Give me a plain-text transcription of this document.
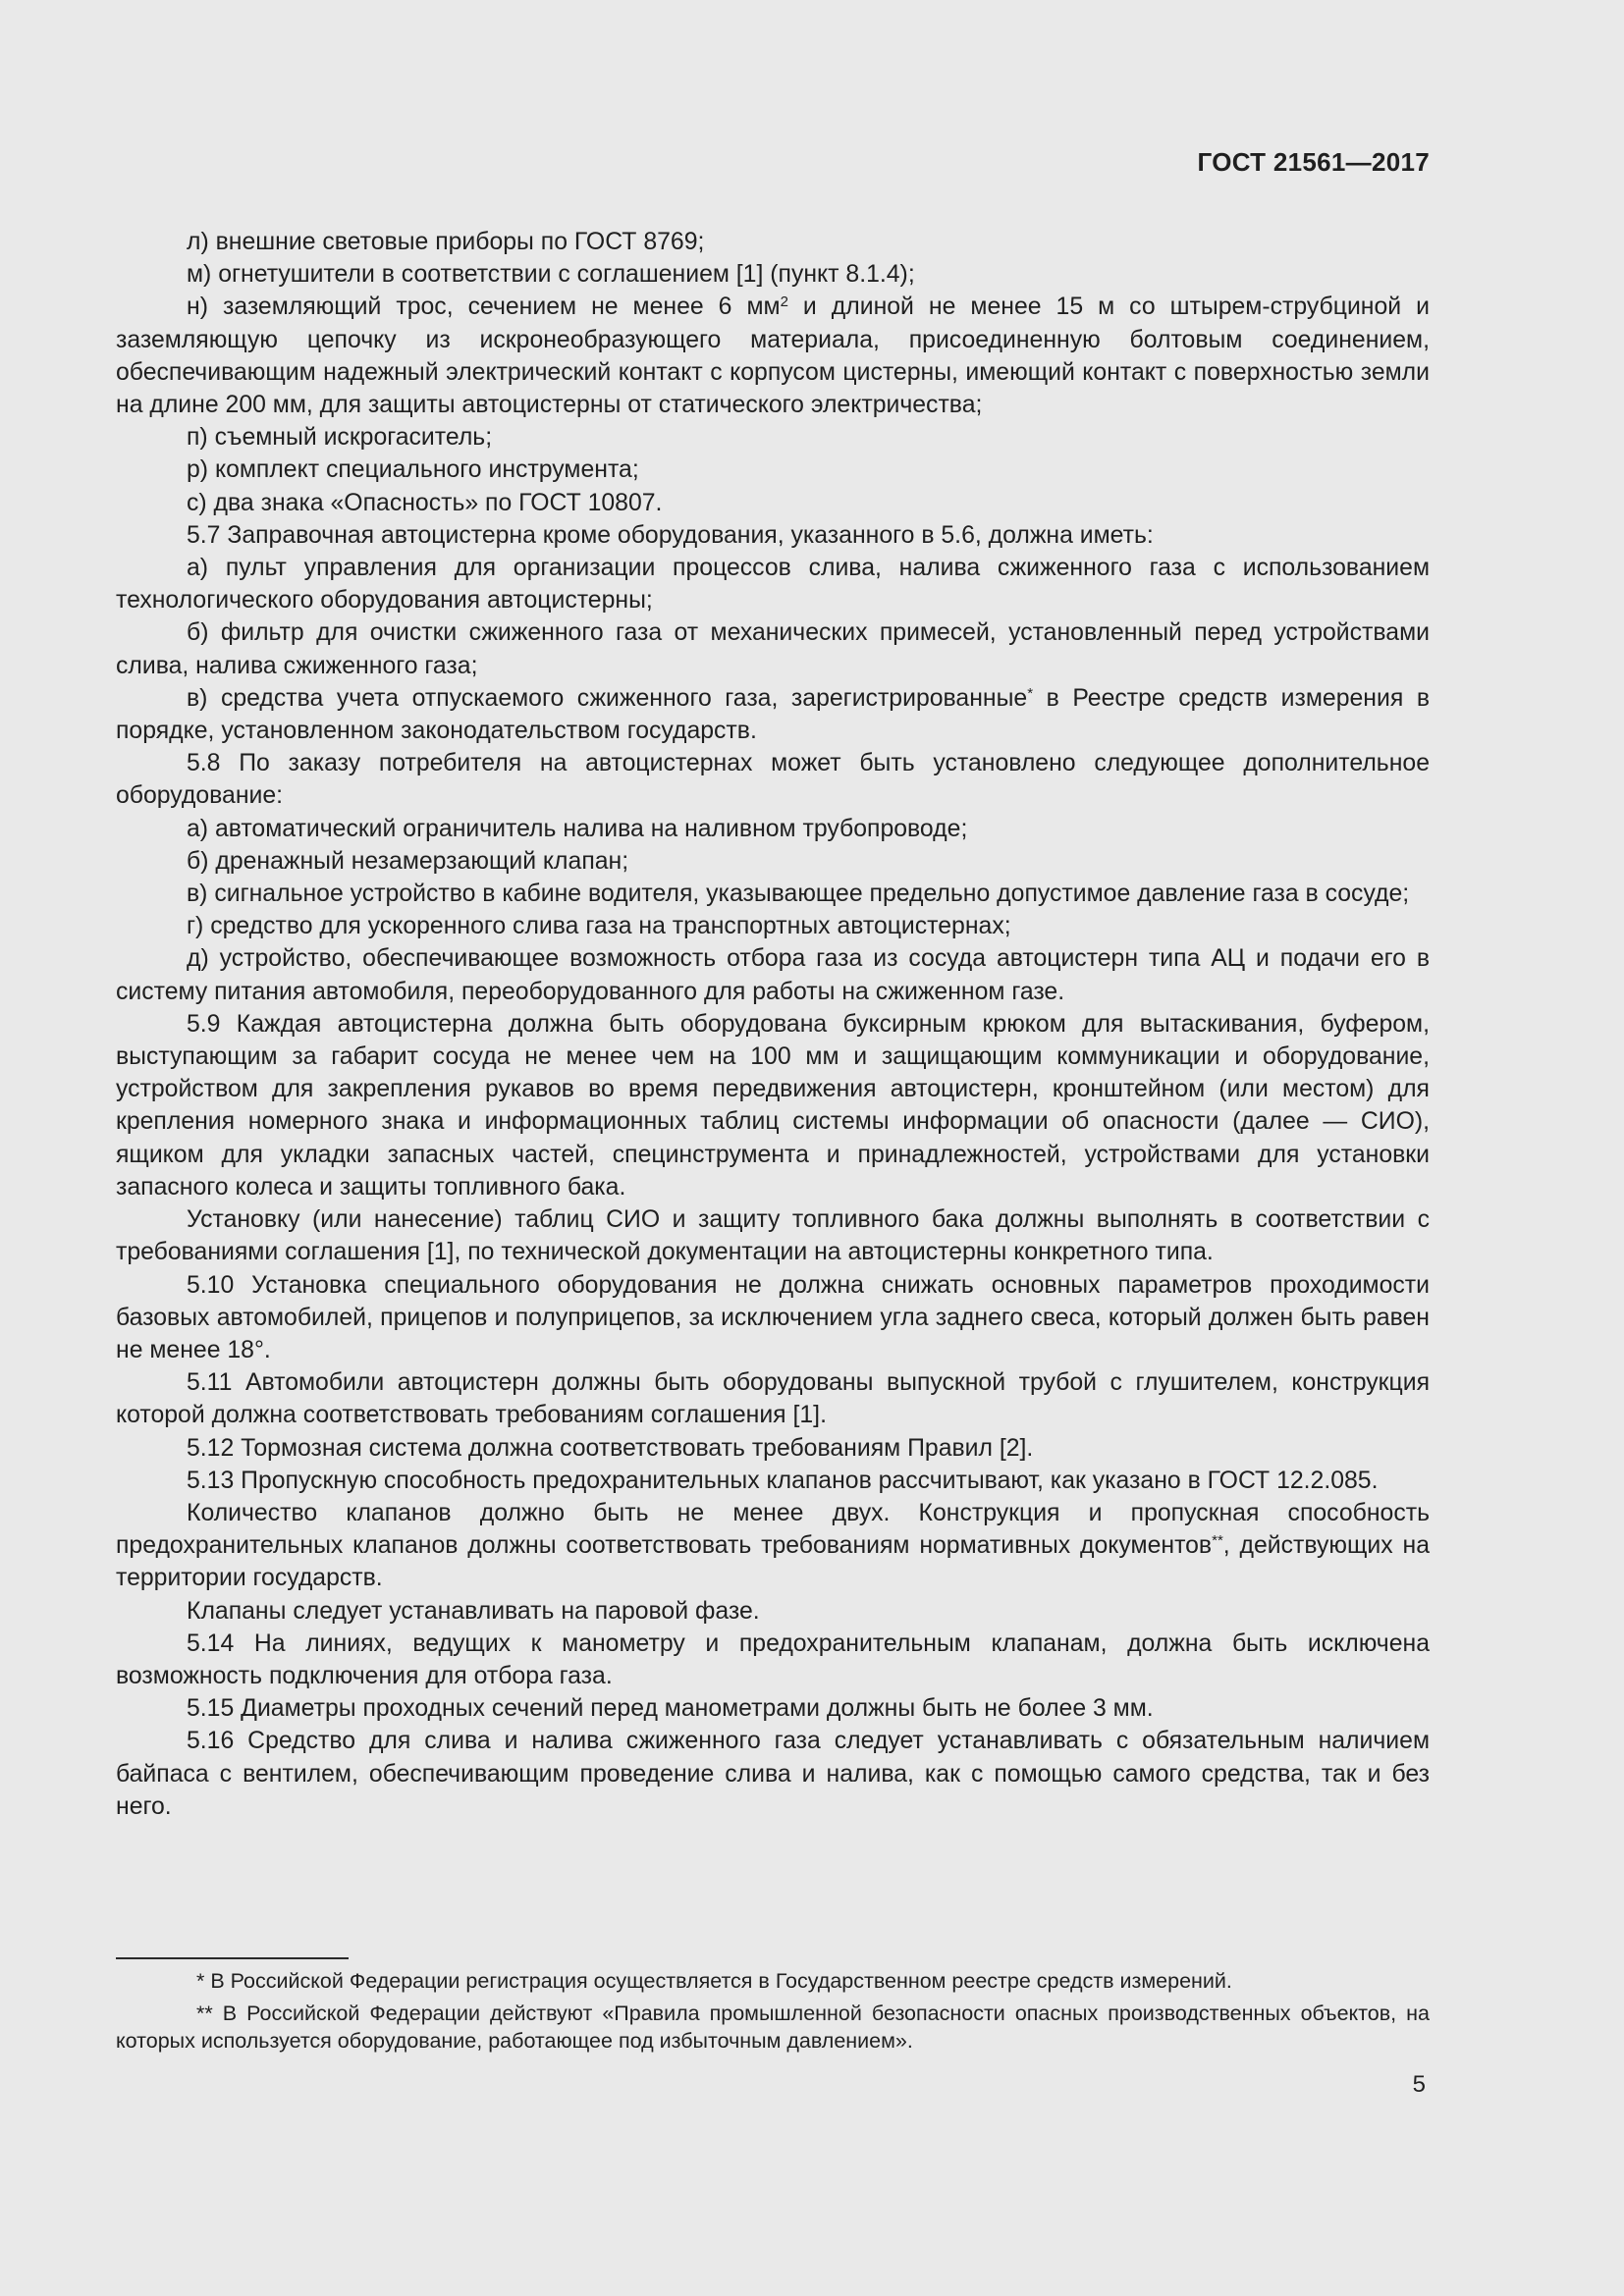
ГОСТ 21561—2017

л) внешние световые приборы по ГОСТ 8769;

м) огнетушители в соответствии с соглашением [1] (пункт 8.1.4);

н) заземляющий трос, сечением не менее 6 $мм^2$ и длиной не менее 15 м со штырем-струбциной и заземляющую цепочку из искронеобразующего материала, присоединенную болтовым соединением, обеспечивающим надежный электрический контакт с корпусом цистерны, имеющий контакт с поверхностью земли на длине 200 мм, для защиты автоцистерны от статического электричества;

п) съемный искрогаситель;

р) комплект специального инструмента;

с) два знака «Опасность» по ГОСТ 10807.

5.7 Заправочная автоцистерна кроме оборудования, указанного в 5.6, должна иметь:

а) пульт управления для организации процессов слива, налива сжиженного газа с использованием технологического оборудования автоцистерны;

б) фильтр для очистки сжиженного газа от механических примесей, установленный перед устройствами слива, налива сжиженного газа;

в) средства учета отпускаемого сжиженного газа, зарегистрированные* в Реестре средств измерения в порядке, установленном законодательством государств.

5.8 По заказу потребителя на автоцистернах может быть установлено следующее дополнительное оборудование:

а) автоматический ограничитель налива на наливном трубопроводе;

б) дренажный незамерзающий клапан;

в) сигнальное устройство в кабине водителя, указывающее предельно допустимое давление газа в сосуде;

г) средство для ускоренного слива газа на транспортных автоцистернах;

д) устройство, обеспечивающее возможность отбора газа из сосуда автоцистерн типа АЦ и подачи его в систему питания автомобиля, переоборудованного для работы на сжиженном газе.

5.9 Каждая автоцистерна должна быть оборудована буксирным крюком для вытаскивания, буфером, выступающим за габарит сосуда не менее чем на 100 мм и защищающим коммуникации и оборудование, устройством для закрепления рукавов во время передвижения автоцистерн, кронштейном (или местом) для крепления номерного знака и информационных таблиц системы информации об опасности (далее — СИО), ящиком для укладки запасных частей, специнструмента и принадлежностей, устройствами для установки запасного колеса и защиты топливного бака.

Установку (или нанесение) таблиц СИО и защиту топливного бака должны выполнять в соответствии с требованиями соглашения [1], по технической документации на автоцистерны конкретного типа.

5.10 Установка специального оборудования не должна снижать основных параметров проходимости базовых автомобилей, прицепов и полуприцепов, за исключением угла заднего свеса, который должен быть равен не менее 18°.

5.11 Автомобили автоцистерн должны быть оборудованы выпускной трубой с глушителем, конструкция которой должна соответствовать требованиям соглашения [1].

5.12 Тормозная система должна соответствовать требованиям Правил [2].

5.13 Пропускную способность предохранительных клапанов рассчитывают, как указано в ГОСТ 12.2.085.

Количество клапанов должно быть не менее двух. Конструкция и пропускная способность предохранительных клапанов должны соответствовать требованиям нормативных документов**, действующих на территории государств.

Клапаны следует устанавливать на паровой фазе.

5.14 На линиях, ведущих к манометру и предохранительным клапанам, должна быть исключена возможность подключения для отбора газа.

5.15 Диаметры проходных сечений перед манометрами должны быть не более 3 мм.

5.16 Средство для слива и налива сжиженного газа следует устанавливать с обязательным наличием байпаса с вентилем, обеспечивающим проведение слива и налива, как с помощью самого средства, так и без него.

* В Российской Федерации регистрация осуществляется в Государственном реестре средств измерений.

** В Российской Федерации действуют «Правила промышленной безопасности опасных производственных объектов, на которых используется оборудование, работающее под избыточным давлением».

5
